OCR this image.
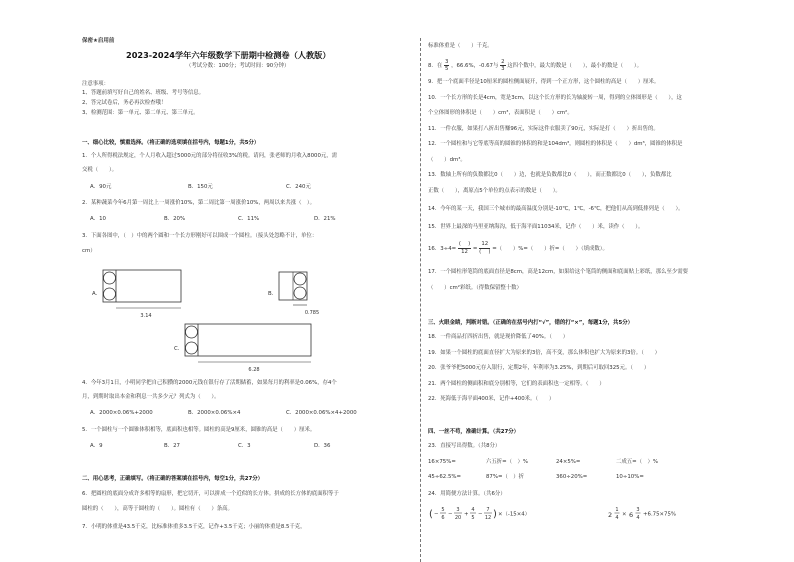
保密★启用前
2023-2024学年六年级数学下册期中检测卷（人教版）
（考试分数：100分；考试时间：90分钟）
注意事项：
1、答题前填写好自己的姓名、班级、考号等信息。
2、答完试卷后，务必再次检查哦！
3、检测范围：第一单元、第二单元、第三单元。
一、细心比较，慎重选择。（将正确的选项填在括号内，每题1分，共5分）
1．个人所得税法规定，个人月收入超过5000元的部分将征收3%的税。请问，张老师的月收入8000元，需
交税（　　）。
A．90元	B．150元	C．240元
2．某种蔬菜今年6月第一周比上一周涨价10%，第二周比第一周涨价10%，两周以来共涨（　）。
A．10	B．20%	C．11%	D．21%
3．下面各图中，（　）中的两个圆和一个长方形刚好可以围成一个圆柱。（接头处忽略不计，单位：
cm）
A．
3.14
B．
0.785
C．
6.28
4．今年3月1日，小明同学把自己积攒的2000元钱在银行存了活期储蓄，如果每月的利率是0.06%，存4个
月，到期时取出本金和利息一共多少元？列式为（　　）。
A．2000×0.06%+2000	B．2000×0.06%×4	C．2000×0.06%×4+2000
5．一个圆柱与一个圆锥体积相等，底面积也相等。圆柱的高是9厘米，圆锥的高是（　　）厘米。
A．9	B．27	C．3	D．36
二、用心思考，正确填写。（将正确的答案填在括号内，每空1分，共27分）
6．把圆柱的底面分成许多相等的扇形，把它切开，可以拼成一个近似的长方体。拼成的长方体的底面积等于
圆柱的（　　），高等于圆柱的（　　）。圆柱有（　　）条高。
7．小明的体重是43.5千克，比标准体重多3.5千克，记作+3.5千克；小丽的体重是8.5千克，
标准体重是（　　）千克。
8．在 $\frac{3}{5}$ ，66.6%，-0.67与 $\frac{2}{3}$ 这四个数中，最大的数是（　　），最小的数是（　　）。
9．把一个底面半径是10厘米的圆柱侧面展开，得到一个正方形，这个圆柱的高是（　　）厘米。
10．一个长方形的长是4cm，宽是3cm，以这个长方形的长为轴旋转一周，得到的立体图形是（　　），这
个立体图形的体积是（　　）cm³，表面积是（　　）cm²。
11．一件衣服，如果打八折出售赚96元，实际这件衣服卖了90元，实际是打（　　）折出售的。
12．一个圆柱和与它等底等高的圆锥的体积的和是104dm³，则圆柱的体积是（　　）dm³，圆锥的体积是
（　　）dm³。
13．数轴上所有的负数都比0（　　）边，也就是负数都比0（　　），而正数都比0（　　），负数都比
正数（　　），离原点5个单位的点表示的数是（　　）。
14．今年的某一天，我国三个城市的最高温度分别是-10℃，1℃，-6℃，把他们从高到低排列是（　　）。
15．世界上最深的马里亚纳海沟，低于海平面11034米，记作（　　）米，读作（　　）。
16．3÷4=
( 　)
12 =
12
( 　) =（　　）%=（　　）折=（　　）（填成数）。
17．一个圆柱形笔筒的底面直径是8cm，高是12cm，如果给这个笔筒的侧面和底面贴上彩纸，那么至少需要
（　　）cm²彩纸。（得数保留整十数）
三、火眼金睛，判断对错。（正确的在括号内打“√”，错的打“×”，每题1分，共5分）
18．一件商品打四折出售，就是现价降低了40%。（　　）
19．如果一个圆柱的底面直径扩大为原来的3倍，高不变，那么体积也扩大为原来的3倍。（　　）
20．张爷爷把5000元存入银行，定期2年，年利率为3.25%，到期后可取回325元。（　　）
21．两个圆柱的侧面积和底分别相等，它们的表面积也一定相等。（　　）
22．死海低于海平面400米，记作+400米。（　　）
四、一丝不苟，准确计算。（共27分）
23．直接写出得数。（共8分）
16×75%=	六五折=（　）%	24×5%=	二成五=（　）%
45÷62.5%=	87%=（　）折	360÷20%=	10÷10%=
24．用简便方法计算。（共6分）
( −
5
6
−
3
20
+
4
5
−
7
12 ) ×（-15×4）	2
1
4
× 6
3
4
+6.75×75%
